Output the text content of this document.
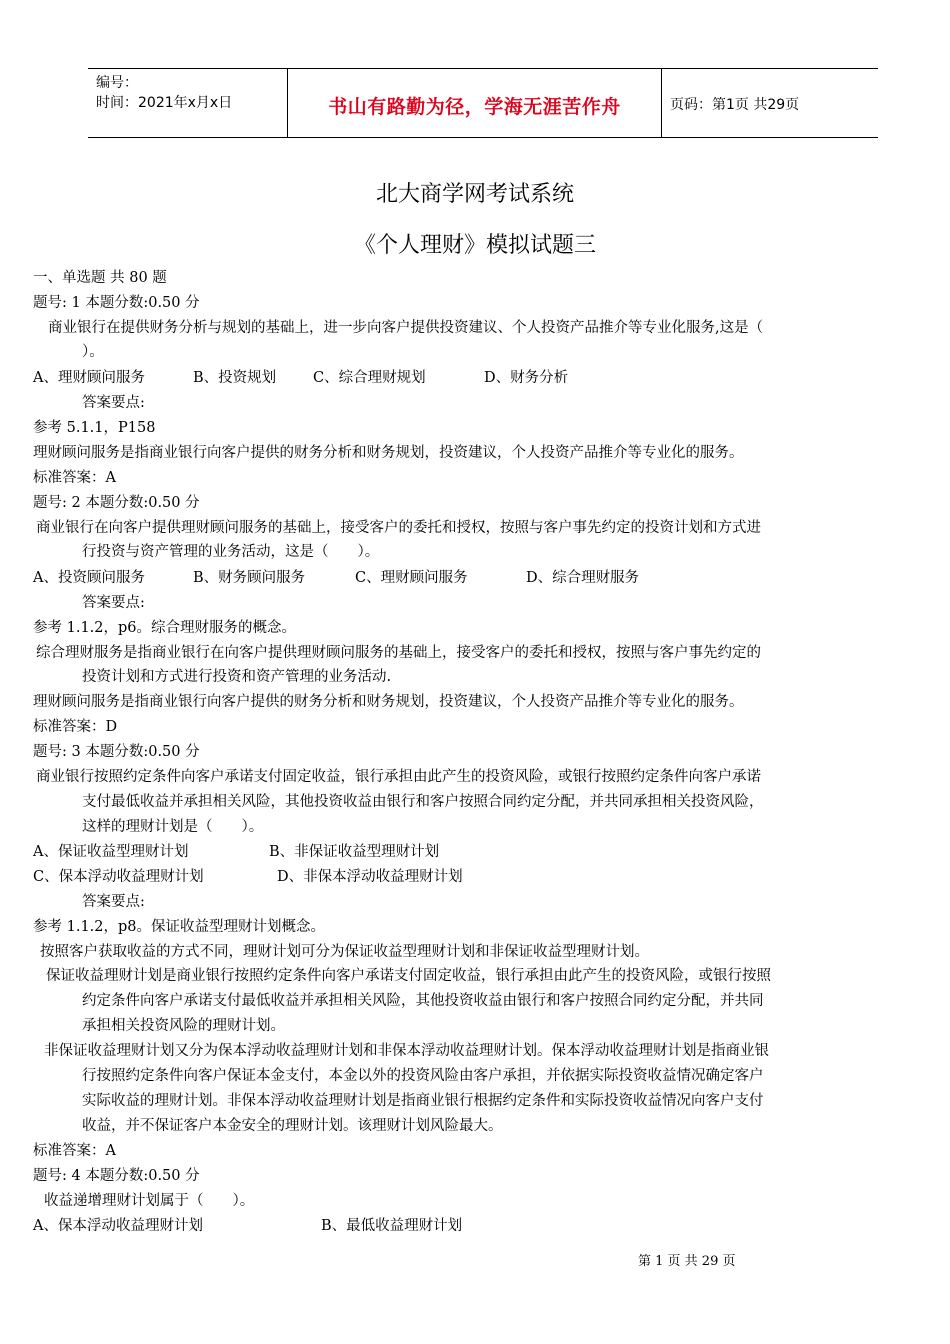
编号：
时间：2021年x月x日	书山有路勤为径，学海无涯苦作舟	页码：第1页 共29页
北大商学网考试系统
《个人理财》模拟试题三
一、单选题 共 80 题
题号: 1 本题分数:0.50 分
商业银行在提供财务分析与规划的基础上，进一步向客户提供投资建议、个人投资产品推介等专业化服务,这是（
）。
A、理财顾问服务	B、投资规划	C、综合理财规划	D、财务分析
答案要点:
参考 5.1.1，P158
理财顾问服务是指商业银行向客户提供的财务分析和财务规划，投资建议，个人投资产品推介等专业化的服务。
标准答案：A
题号: 2 本题分数:0.50 分
商业银行在向客户提供理财顾问服务的基础上，接受客户的委托和授权，按照与客户事先约定的投资计划和方式进
行投资与资产管理的业务活动，这是（　　）。
A、投资顾问服务	B、财务顾问服务	C、理财顾问服务	D、综合理财服务
答案要点:
参考 1.1.2，p6。综合理财服务的概念。
综合理财服务是指商业银行在向客户提供理财顾问服务的基础上，接受客户的委托和授权，按照与客户事先约定的
投资计划和方式进行投资和资产管理的业务活动.
理财顾问服务是指商业银行向客户提供的财务分析和财务规划，投资建议，个人投资产品推介等专业化的服务。
标准答案：D
题号: 3 本题分数:0.50 分
商业银行按照约定条件向客户承诺支付固定收益，银行承担由此产生的投资风险，或银行按照约定条件向客户承诺
支付最低收益并承担相关风险，其他投资收益由银行和客户按照合同约定分配，并共同承担相关投资风险，
这样的理财计划是（　　）。
A、保证收益型理财计划	B、非保证收益型理财计划
C、保本浮动收益理财计划	D、非保本浮动收益理财计划
答案要点:
参考 1.1.2，p8。保证收益型理财计划概念。
按照客户获取收益的方式不同，理财计划可分为保证收益型理财计划和非保证收益型理财计划。
保证收益理财计划是商业银行按照约定条件向客户承诺支付固定收益，银行承担由此产生的投资风险，或银行按照
约定条件向客户承诺支付最低收益并承担相关风险，其他投资收益由银行和客户按照合同约定分配，并共同
承担相关投资风险的理财计划。
非保证收益理财计划又分为保本浮动收益理财计划和非保本浮动收益理财计划。保本浮动收益理财计划是指商业银
行按照约定条件向客户保证本金支付，本金以外的投资风险由客户承担，并依据实际投资收益情况确定客户
实际收益的理财计划。非保本浮动收益理财计划是指商业银行根据约定条件和实际投资收益情况向客户支付
收益，并不保证客户本金安全的理财计划。该理财计划风险最大。
标准答案：A
题号: 4 本题分数:0.50 分
收益递增理财计划属于（　　）。
A、保本浮动收益理财计划	B、最低收益理财计划
第 1 页 共 29 页
